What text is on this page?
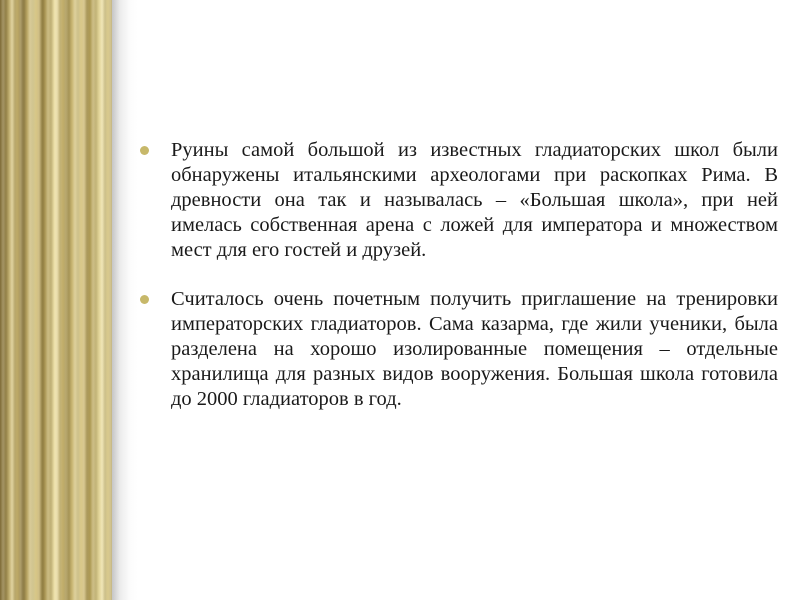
Руины самой большой из известных гладиаторских школ были обнаружены итальянскими археологами при раскопках Рима. В древности она так и называлась – «Большая школа», при ней имелась собственная арена с ложей для императора и множеством мест для его гостей и друзей.
Считалось очень почетным получить приглашение на тренировки императорских гладиаторов. Сама казарма, где жили ученики, была разделена на хорошо изолированные помещения – отдельные хранилища для разных видов вооружения. Большая школа готовила до 2000 гладиаторов в год.
